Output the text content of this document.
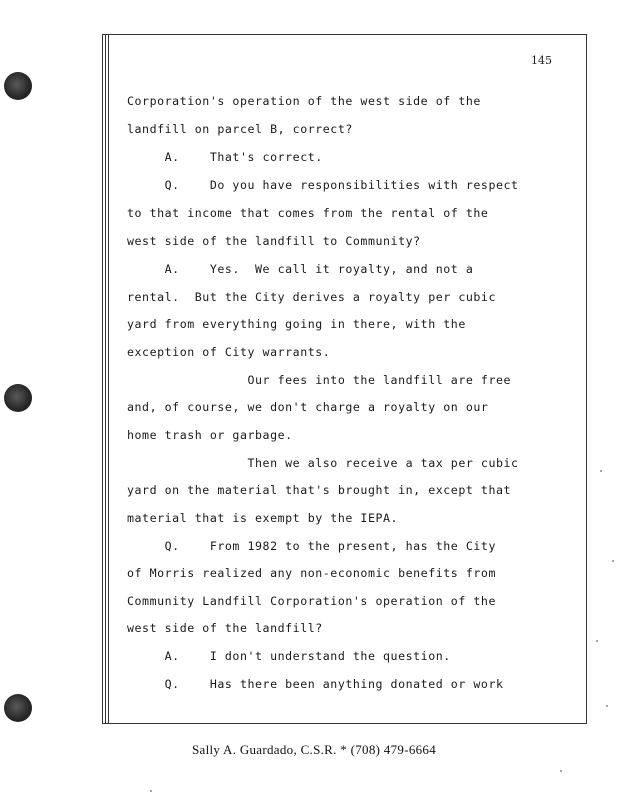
145
Corporation's operation of the west side of the
landfill on parcel B, correct?
A.    That's correct.
Q.    Do you have responsibilities with respect
to that income that comes from the rental of the
west side of the landfill to Community?
A.    Yes.  We call it royalty, and not a
rental.  But the City derives a royalty per cubic
yard from everything going in there, with the
exception of City warrants.
Our fees into the landfill are free
and, of course, we don't charge a royalty on our
home trash or garbage.
Then we also receive a tax per cubic
yard on the material that's brought in, except that
material that is exempt by the IEPA.
Q.    From 1982 to the present, has the City
of Morris realized any non-economic benefits from
Community Landfill Corporation's operation of the
west side of the landfill?
A.    I don't understand the question.
Q.    Has there been anything donated or work
Sally A. Guardado, C.S.R. * (708) 479-6664
